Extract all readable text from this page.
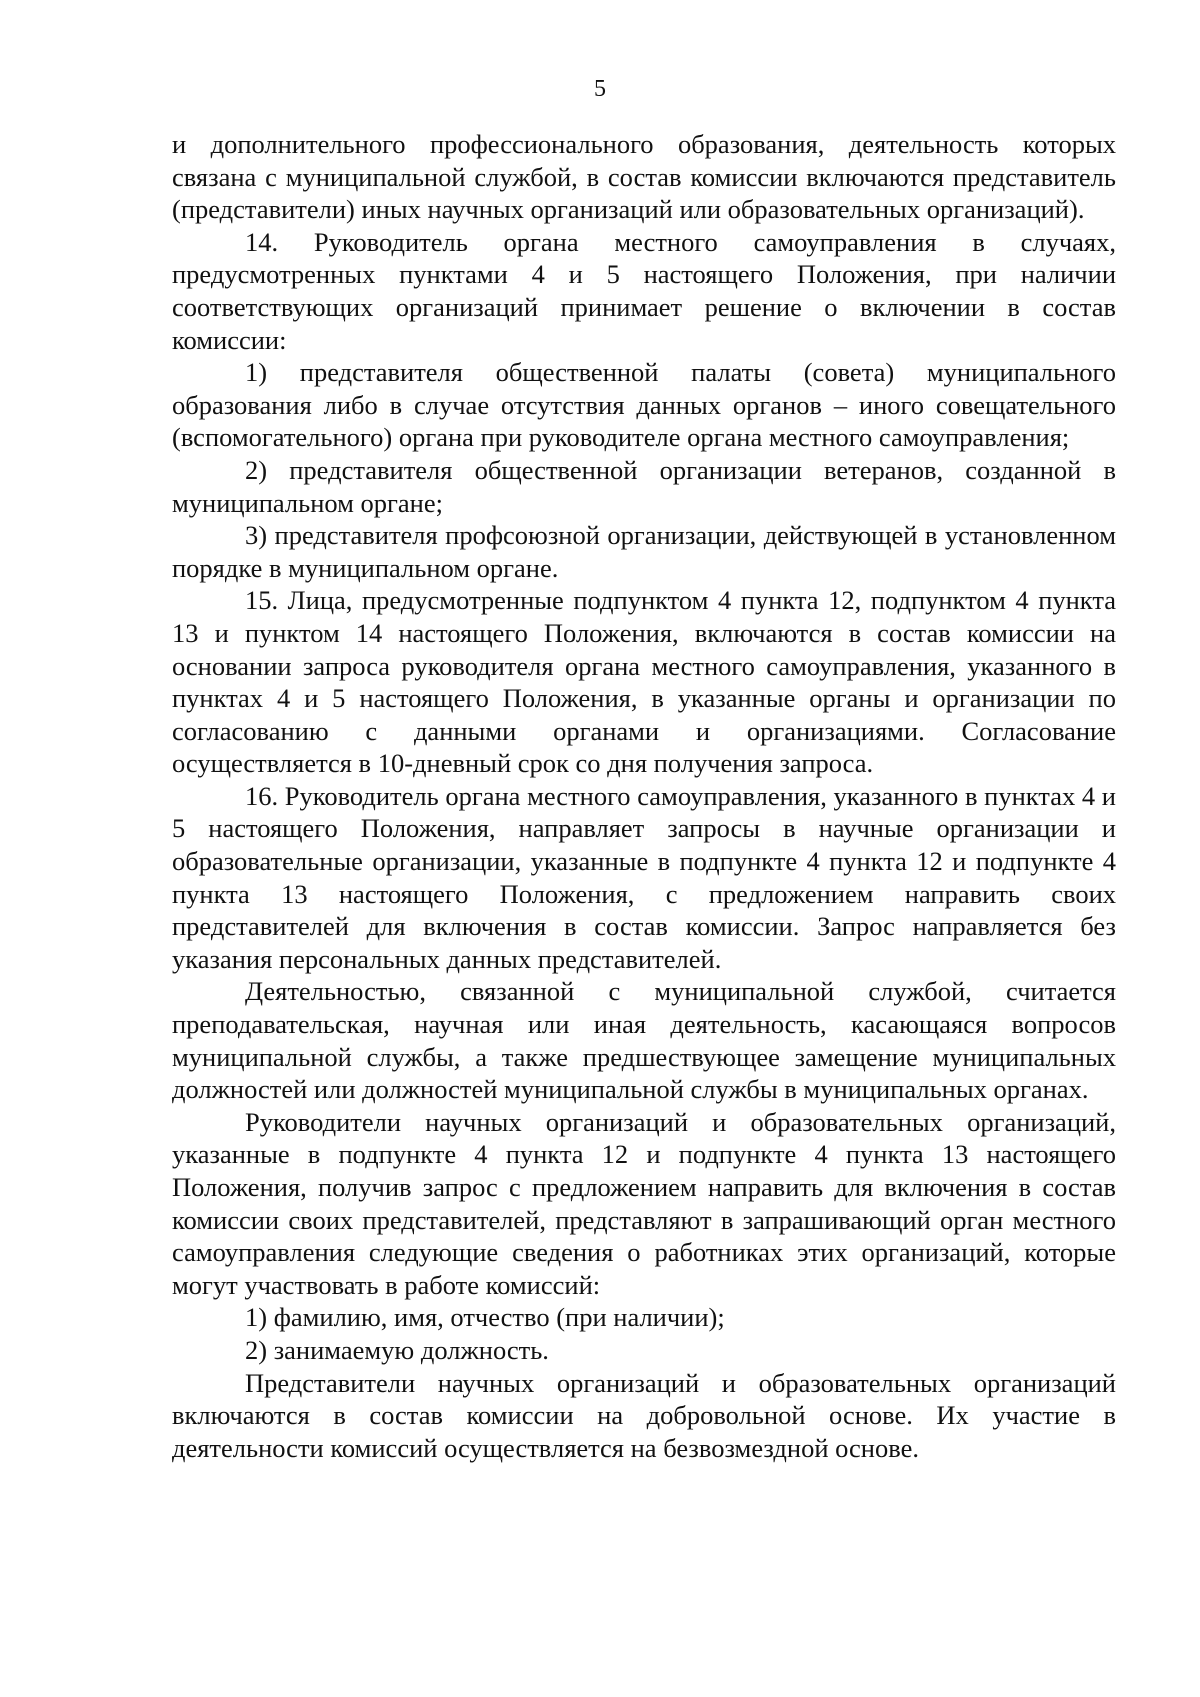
5

и дополнительного профессионального образования, деятельность которых связана с муниципальной службой, в состав комиссии включаются представитель (представители) иных научных организаций или образовательных организаций).

14. Руководитель органа местного самоуправления в случаях, предусмотренных пунктами 4 и 5 настоящего Положения, при наличии соответствующих организаций принимает решение о включении в состав комиссии:

1) представителя общественной палаты (совета) муниципального образования либо в случае отсутствия данных органов – иного совещательного (вспомогательного) органа при руководителе органа местного самоуправления;

2) представителя общественной организации ветеранов, созданной в муниципальном органе;

3) представителя профсоюзной организации, действующей в установленном порядке в муниципальном органе.

15. Лица, предусмотренные подпунктом 4 пункта 12, подпунктом 4 пункта 13 и пунктом 14 настоящего Положения, включаются в состав комиссии на основании запроса руководителя органа местного самоуправления, указанного в пунктах 4 и 5 настоящего Положения, в указанные органы и организации по согласованию с данными органами и организациями. Согласование осуществляется в 10-дневный срок со дня получения запроса.

16. Руководитель органа местного самоуправления, указанного в пунктах 4 и 5 настоящего Положения, направляет запросы в научные организации и образовательные организации, указанные в подпункте 4 пункта 12 и подпункте 4 пункта 13 настоящего Положения, с предложением направить своих представителей для включения в состав комиссии. Запрос направляется без указания персональных данных представителей.

Деятельностью, связанной с муниципальной службой, считается преподавательская, научная или иная деятельность, касающаяся вопросов муниципальной службы, а также предшествующее замещение муниципальных должностей или должностей муниципальной службы в муниципальных органах.

Руководители научных организаций и образовательных организаций, указанные в подпункте 4 пункта 12 и подпункте 4 пункта 13 настоящего Положения, получив запрос с предложением направить для включения в состав комиссии своих представителей, представляют в запрашивающий орган местного самоуправления следующие сведения о работниках этих организаций, которые могут участвовать в работе комиссий:

1) фамилию, имя, отчество (при наличии);

2) занимаемую должность.

Представители научных организаций и образовательных организаций включаются в состав комиссии на добровольной основе. Их участие в деятельности комиссий осуществляется на безвозмездной основе.
